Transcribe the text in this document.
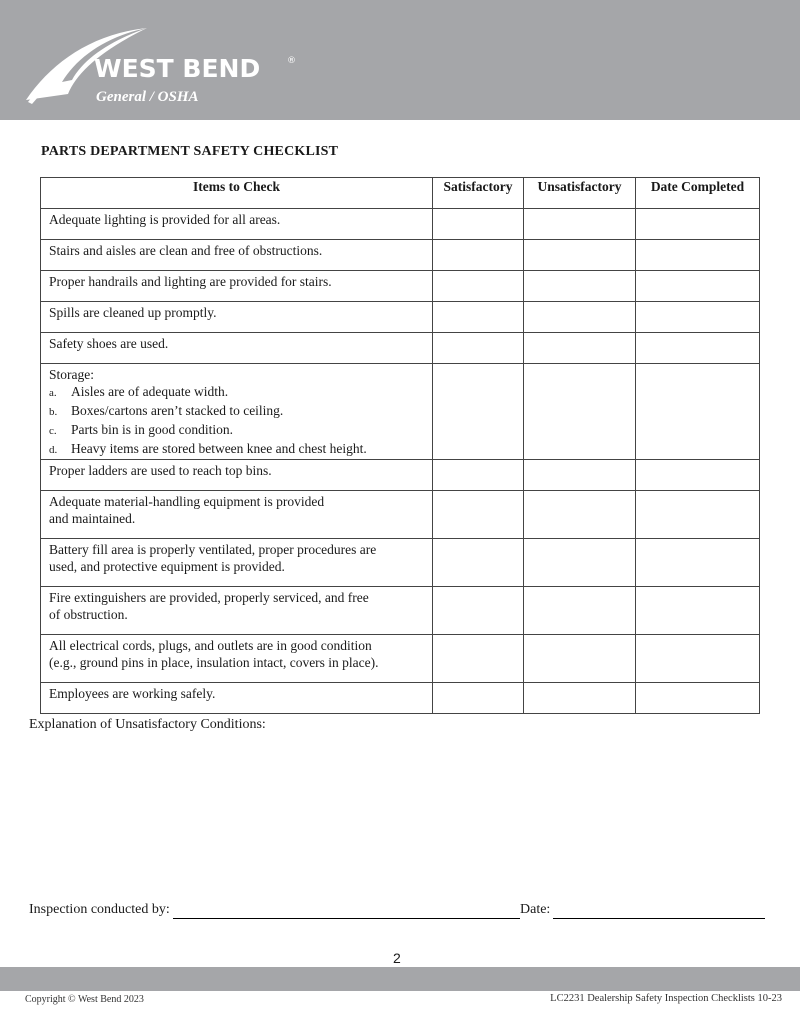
WEST BEND	®
General / OSHA
PARTS DEPARTMENT SAFETY CHECKLIST
Items to Check	Satisfactory	Unsatisfactory	Date Completed
Adequate lighting is provided for all areas.			
Stairs and aisles are clean and free of obstructions.			
Proper handrails and lighting are provided for stairs.			
Spills are cleaned up promptly.			
Safety shoes are used.			

Storage:
a. Aisles are of adequate width.
b. Boxes/cartons aren’t stacked to ceiling.
c. Parts bin is in good condition.
d. Heavy items are stored between knee and chest height.			

Proper ladders are used to reach top bins.			

Adequate material-handling equipment is provided
and maintained.			

Battery fill area is properly ventilated, proper procedures are
used, and protective equipment is provided.			

Fire extinguishers are provided, properly serviced, and free
of obstruction.			

All electrical cords, plugs, and outlets are in good condition
(e.g., ground pins in place, insulation intact, covers in place).			

Employees are working safely.			
Explanation of Unsatisfactory Conditions:
Inspection conducted by:	Date:
2
Copyright © West Bend 2023	LC2231 Dealership Safety Inspection Checklists 10-23
